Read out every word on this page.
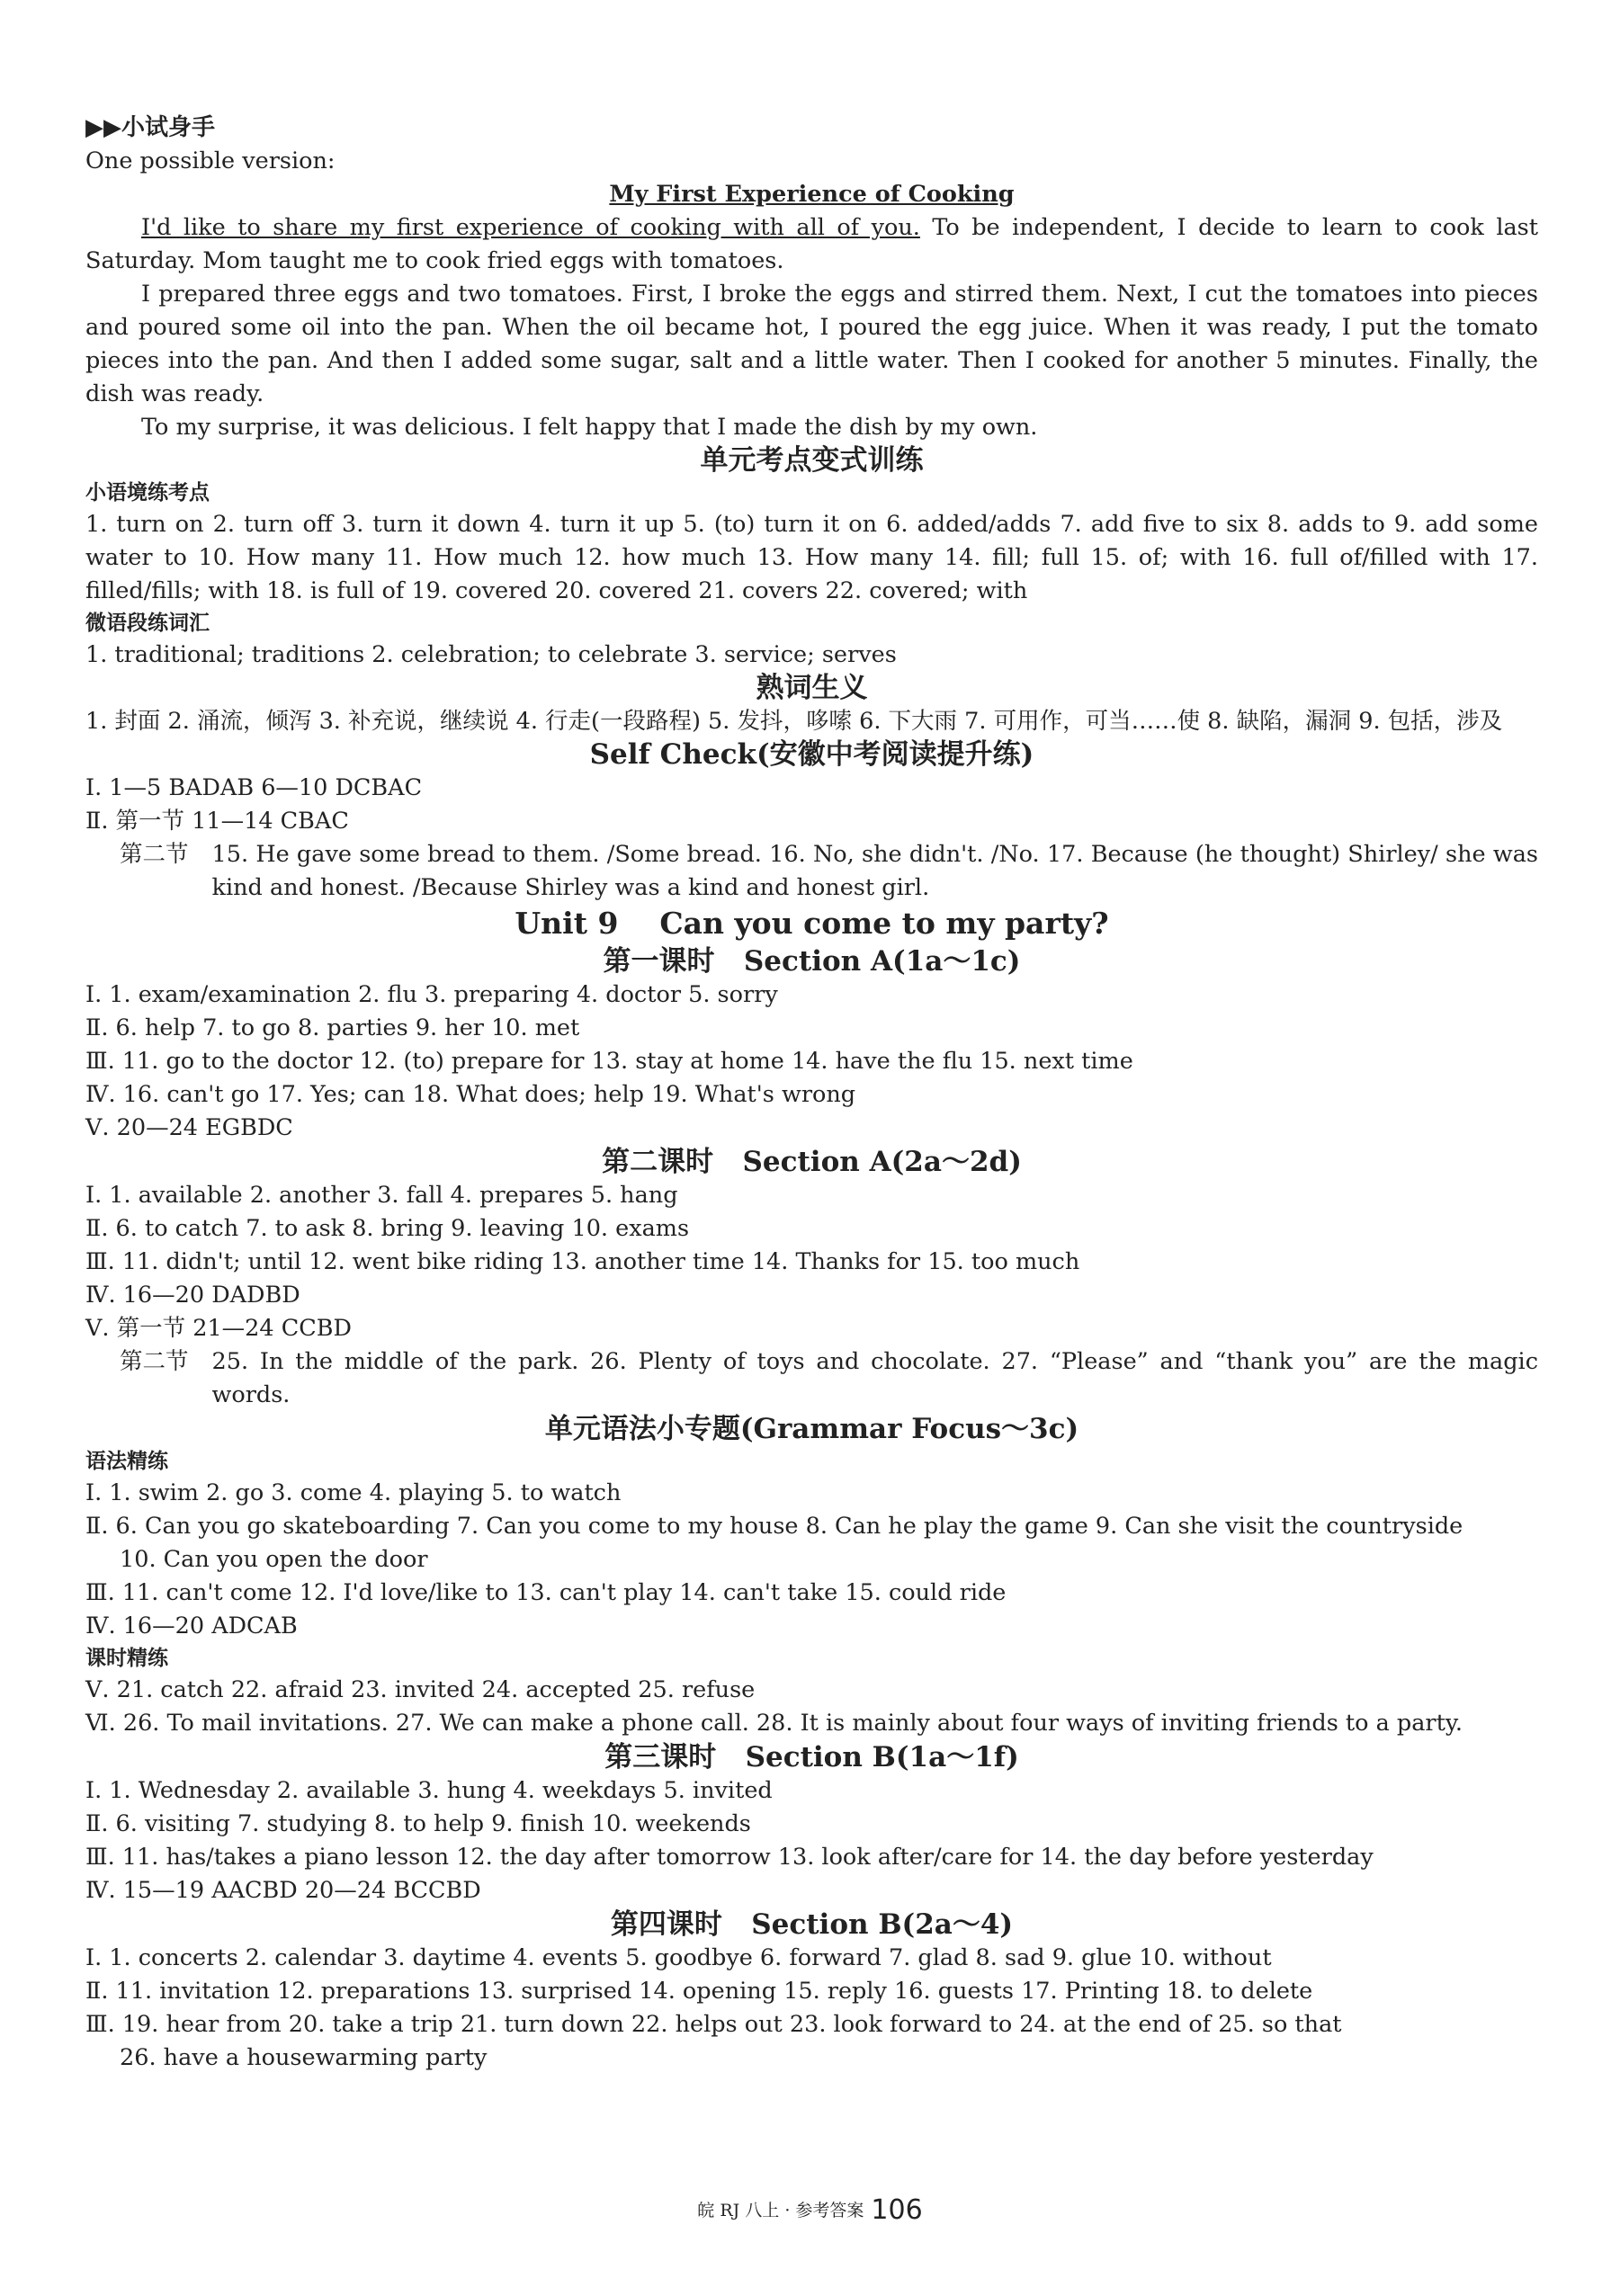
▶▶小试身手
One possible version:
My First Experience of Cooking
I'd like to share my first experience of cooking with all of you. To be independent, I decide to learn to cook last Saturday. Mom taught me to cook fried eggs with tomatoes.
I prepared three eggs and two tomatoes. First, I broke the eggs and stirred them. Next, I cut the tomatoes into pieces and poured some oil into the pan. When the oil became hot, I poured the egg juice. When it was ready, I put the tomato pieces into the pan. And then I added some sugar, salt and a little water. Then I cooked for another 5 minutes. Finally, the dish was ready.
To my surprise, it was delicious. I felt happy that I made the dish by my own.
单元考点变式训练
小语境练考点
1. turn on 2. turn off 3. turn it down 4. turn it up 5. (to) turn it on 6. added/adds 7. add five to six 8. adds to 9. add some water to 10. How many 11. How much 12. how much 13. How many 14. fill; full 15. of; with 16. full of/filled with 17. filled/fills; with 18. is full of 19. covered 20. covered 21. covers 22. covered; with
微语段练词汇
1. traditional; traditions 2. celebration; to celebrate 3. service; serves
熟词生义
1. 封面 2. 涌流，倾泻 3. 补充说，继续说 4. 行走(一段路程) 5. 发抖，哆嗦 6. 下大雨 7. 可用作，可当……使 8. 缺陷，漏洞 9. 包括，涉及
Self Check(安徽中考阅读提升练)
Ⅰ. 1—5 BADAB 6—10 DCBAC
Ⅱ. 第一节 11—14 CBAC
第二节 15. He gave some bread to them. /Some bread. 16. No, she didn't. /No. 17. Because (he thought) Shirley/ she was kind and honest. /Because Shirley was a kind and honest girl.
Unit 9    Can you come to my party?
第一课时   Section A(1a～1c)
Ⅰ. 1. exam/examination 2. flu 3. preparing 4. doctor 5. sorry
Ⅱ. 6. help 7. to go 8. parties 9. her 10. met
Ⅲ. 11. go to the doctor 12. (to) prepare for 13. stay at home 14. have the flu 15. next time
Ⅳ. 16. can't go 17. Yes; can 18. What does; help 19. What's wrong
Ⅴ. 20—24 EGBDC
第二课时   Section A(2a～2d)
Ⅰ. 1. available 2. another 3. fall 4. prepares 5. hang
Ⅱ. 6. to catch 7. to ask 8. bring 9. leaving 10. exams
Ⅲ. 11. didn't; until 12. went bike riding 13. another time 14. Thanks for 15. too much
Ⅳ. 16—20 DADBD
Ⅴ. 第一节 21—24 CCBD
第二节 25. In the middle of the park. 26. Plenty of toys and chocolate. 27. “Please” and “thank you” are the magic words.
单元语法小专题(Grammar Focus～3c)
语法精练
Ⅰ. 1. swim 2. go 3. come 4. playing 5. to watch
Ⅱ. 6. Can you go skateboarding 7. Can you come to my house 8. Can he play the game 9. Can she visit the countryside
10. Can you open the door
Ⅲ. 11. can't come 12. I'd love/like to 13. can't play 14. can't take 15. could ride
Ⅳ. 16—20 ADCAB
课时精练
Ⅴ. 21. catch 22. afraid 23. invited 24. accepted 25. refuse
Ⅵ. 26. To mail invitations. 27. We can make a phone call. 28. It is mainly about four ways of inviting friends to a party.
第三课时   Section B(1a～1f)
Ⅰ. 1. Wednesday 2. available 3. hung 4. weekdays 5. invited
Ⅱ. 6. visiting 7. studying 8. to help 9. finish 10. weekends
Ⅲ. 11. has/takes a piano lesson 12. the day after tomorrow 13. look after/care for 14. the day before yesterday
Ⅳ. 15—19 AACBD 20—24 BCCBD
第四课时   Section B(2a～4)
Ⅰ. 1. concerts 2. calendar 3. daytime 4. events 5. goodbye 6. forward 7. glad 8. sad 9. glue 10. without
Ⅱ. 11. invitation 12. preparations 13. surprised 14. opening 15. reply 16. guests 17. Printing 18. to delete
Ⅲ. 19. hear from 20. take a trip 21. turn down 22. helps out 23. look forward to 24. at the end of 25. so that
26. have a housewarming party
皖 RJ 八上 · 参考答案 106
